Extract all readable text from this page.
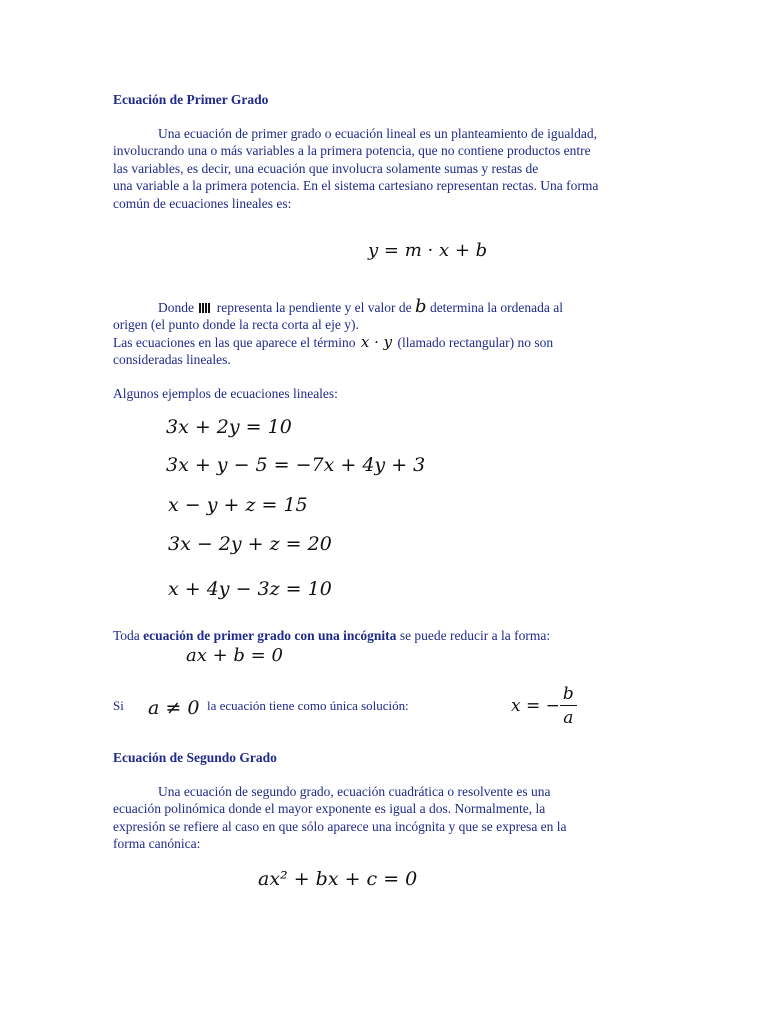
Ecuación de Primer Grado
Una ecuación de primer grado o ecuación lineal es un planteamiento de igualdad,
involucrando una o más variables a la primera potencia, que no contiene productos entre
las variables, es decir, una ecuación que involucra solamente sumas y restas de
una variable a la primera potencia. En el sistema cartesiano representan rectas. Una forma
común de ecuaciones lineales es:
y = m · x + b
Donde representa la pendiente y el valor de b determina la ordenada al
origen (el punto donde la recta corta al eje y).
Las ecuaciones en las que aparece el término x · y (llamado rectangular) no son
consideradas lineales.
Algunos ejemplos de ecuaciones lineales:
3x + 2y = 10
3x + y − 5 = −7x + 4y + 3
x − y + z = 15
3x − 2y + z = 20
x + 4y − 3z = 10
Toda ecuación de primer grado con una incógnita se puede reducir a la forma:
ax + b = 0
Si a ≠ 0 la ecuación tiene como única solución:	x = − $\frac{b}{a}$
Ecuación de Segundo Grado
Una ecuación de segundo grado, ecuación cuadrática o resolvente es una
ecuación polinómica donde el mayor exponente es igual a dos. Normalmente, la
expresión se refiere al caso en que sólo aparece una incógnita y que se expresa en la
forma canónica:
ax² + bx + c = 0
